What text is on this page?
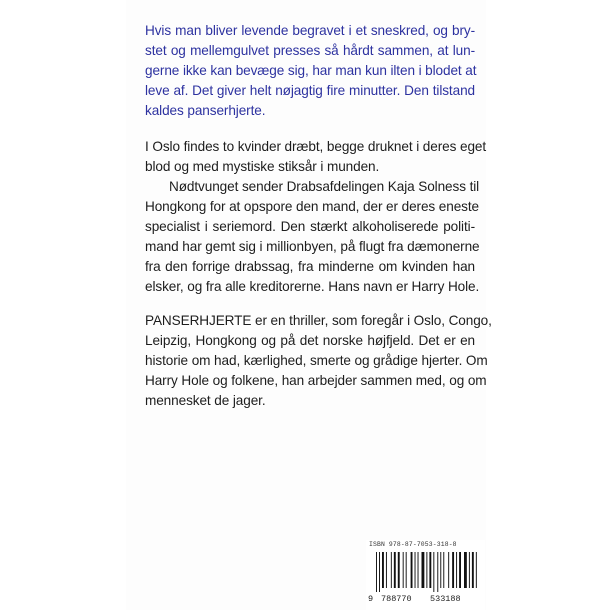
Hvis man bliver levende begravet i et sneskred, og bry-
stet og mellemgulvet presses så hårdt sammen, at lun-
gerne ikke kan bevæge sig, har man kun ilten i blodet at
leve af. Det giver helt nøjagtig fire minutter. Den tilstand
kaldes panserhjerte.
I Oslo findes to kvinder dræbt, begge druknet i deres eget
blod og med mystiske stiksår i munden.
Nødtvunget sender Drabsafdelingen Kaja Solness til
Hongkong for at opspore den mand, der er deres eneste
specialist i seriemord. Den stærkt alkoholiserede politi-
mand har gemt sig i millionbyen, på flugt fra dæmonerne
fra den forrige drabssag, fra minderne om kvinden han
elsker, og fra alle kreditorerne. Hans navn er Harry Hole.
PANSERHJERTE er en thriller, som foregår i Oslo, Congo,
Leipzig, Hongkong og på det norske højfjeld. Det er en
historie om had, kærlighed, smerte og grådige hjerter. Om
Harry Hole og folkene, han arbejder sammen med, og om
mennesket de jager.
ISBN 978-87-7053-318-8
9 788770 533188
